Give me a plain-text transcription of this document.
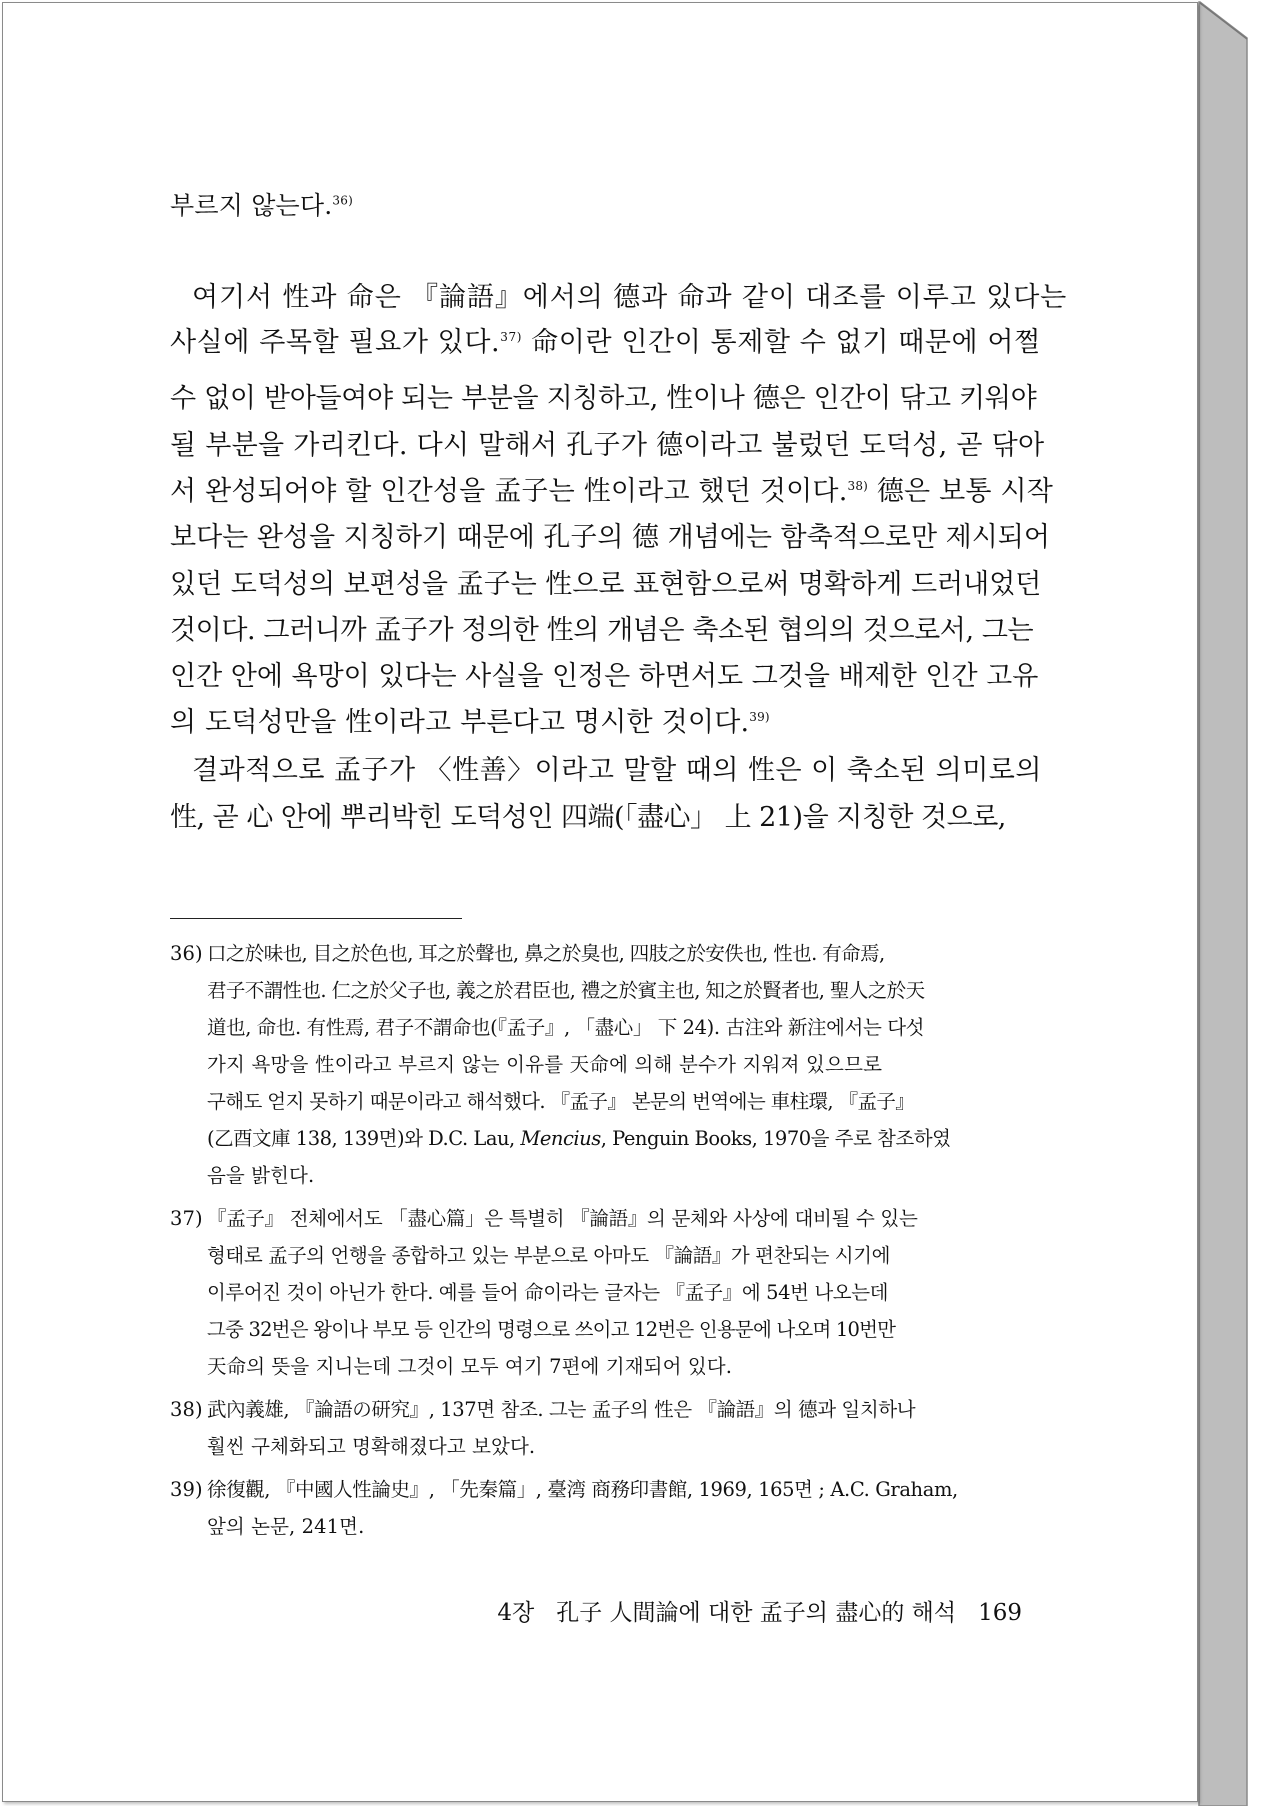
부르지 않는다.$^{36)}$
여기서 性과 命은 『論語』에서의 德과 命과 같이 대조를 이루고 있다는
사실에 주목할 필요가 있다.$^{37)}$ 命이란 인간이 통제할 수 없기 때문에 어쩔
수 없이 받아들여야 되는 부분을 지칭하고, 性이나 德은 인간이 닦고 키워야
될 부분을 가리킨다. 다시 말해서 孔子가 德이라고 불렀던 도덕성, 곧 닦아
서 완성되어야 할 인간성을 孟子는 性이라고 했던 것이다.$^{38)}$ 德은 보통 시작
보다는 완성을 지칭하기 때문에 孔子의 德 개념에는 함축적으로만 제시되어
있던 도덕성의 보편성을 孟子는 性으로 표현함으로써 명확하게 드러내었던
것이다. 그러니까 孟子가 정의한 性의 개념은 축소된 협의의 것으로서, 그는
인간 안에 욕망이 있다는 사실을 인정은 하면서도 그것을 배제한 인간 고유
의 도덕성만을 性이라고 부른다고 명시한 것이다.$^{39)}$
결과적으로 孟子가 〈性善〉이라고 말할 때의 性은 이 축소된 의미로의
性, 곧 心 안에 뿌리박힌 도덕성인 四端(「盡心」 上 21)을 지칭한 것으로,
36) 口之於味也, 目之於色也, 耳之於聲也, 鼻之於臭也, 四肢之於安佚也, 性也. 有命焉,
君子不謂性也. 仁之於父子也, 義之於君臣也, 禮之於賓主也, 知之於賢者也, 聖人之於天
道也, 命也. 有性焉, 君子不謂命也(『孟子』, 「盡心」 下 24). 古注와 新注에서는 다섯
가지 욕망을 性이라고 부르지 않는 이유를 天命에 의해 분수가 지워져 있으므로
구해도 얻지 못하기 때문이라고 해석했다. 『孟子』 본문의 번역에는 車柱環, 『孟子』
(乙酉文庫 138, 139면)와 D.C. Lau, Mencius, Penguin Books, 1970을 주로 참조하였
음을 밝힌다.
37) 『孟子』 전체에서도 「盡心篇」은 특별히 『論語』의 문체와 사상에 대비될 수 있는
형태로 孟子의 언행을 종합하고 있는 부분으로 아마도 『論語』가 편찬되는 시기에
이루어진 것이 아닌가 한다. 예를 들어 命이라는 글자는 『孟子』에 54번 나오는데
그중 32번은 왕이나 부모 등 인간의 명령으로 쓰이고 12번은 인용문에 나오며 10번만
天命의 뜻을 지니는데 그것이 모두 여기 7편에 기재되어 있다.
38) 武內義雄, 『論語の研究』, 137면 참조. 그는 孟子의 性은 『論語』의 德과 일치하나
훨씬 구체화되고 명확해졌다고 보았다.
39) 徐復觀, 『中國人性論史』, 「先秦篇」, 臺湾 商務印書館, 1969, 165면 ; A.C. Graham,
앞의 논문, 241면.
4장 孔子 人間論에 대한 孟子의 盡心的 해석 169
